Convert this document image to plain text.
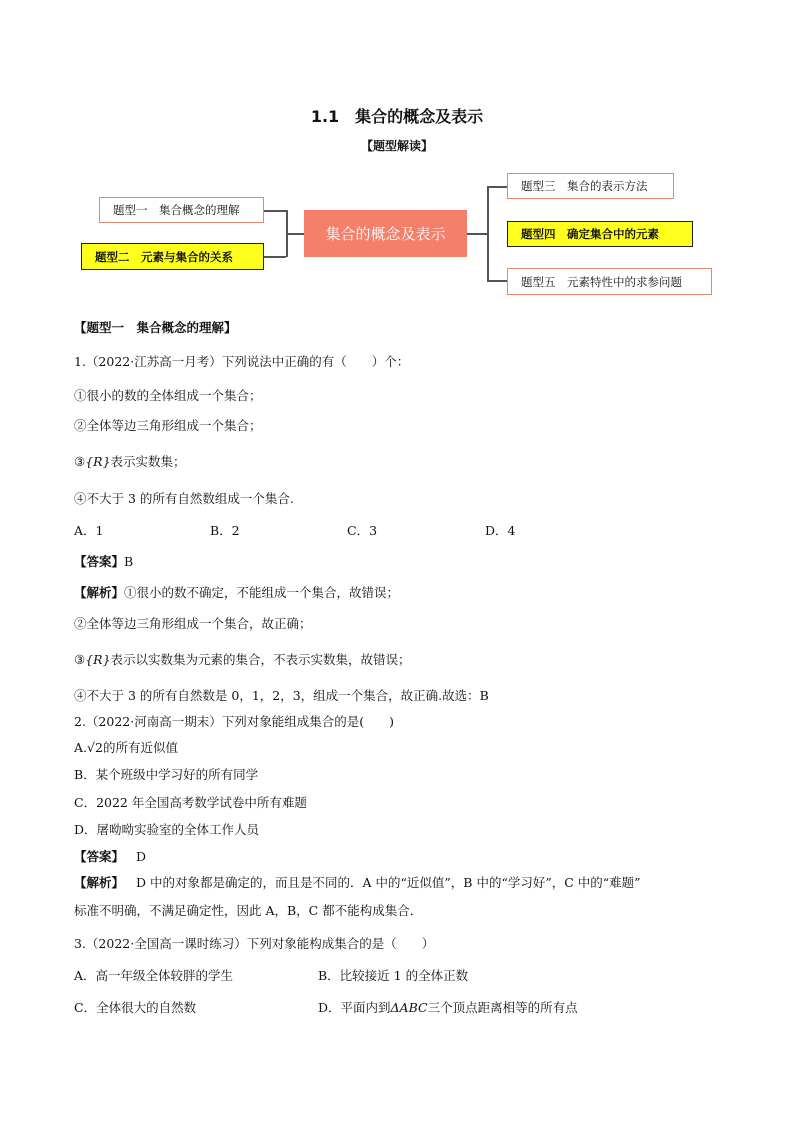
1.1　集合的概念及表示
【题型解读】
题型一　集合概念的理解
题型二　元素与集合的关系
集合的概念及表示
题型三　集合的表示方法
题型四　确定集合中的元素
题型五　元素特性中的求参问题
【题型一　集合概念的理解】
1.（2022·江苏高一月考）下列说法中正确的有（　　）个：
①很小的数的全体组成一个集合；
②全体等边三角形组成一个集合；
③{R}表示实数集；
④不大于 3 的所有自然数组成一个集合.
A．1	B．2	C．3	D．4
【答案】B
【解析】①很小的数不确定，不能组成一个集合，故错误；
②全体等边三角形组成一个集合，故正确；
③{R}表示以实数集为元素的集合，不表示实数集，故错误；
④不大于 3 的所有自然数是 0，1，2，3，组成一个集合，故正确.故选：B
2.（2022·河南高一期末）下列对象能组成集合的是(　　)
A.√2的所有近似值
B．某个班级中学习好的所有同学
C．2022 年全国高考数学试卷中所有难题
D．屠呦呦实验室的全体工作人员
【答案】 D
【解析】 D 中的对象都是确定的，而且是不同的．A 中的“近似值”，B 中的“学习好”，C 中的“难题”
标准不明确，不满足确定性，因此 A，B，C 都不能构成集合．
3.（2022·全国高一课时练习）下列对象能构成集合的是（　　）
A．高一年级全体较胖的学生	B．比较接近 1 的全体正数
C．全体很大的自然数	D．平面内到ΔABC三个顶点距离相等的所有点
